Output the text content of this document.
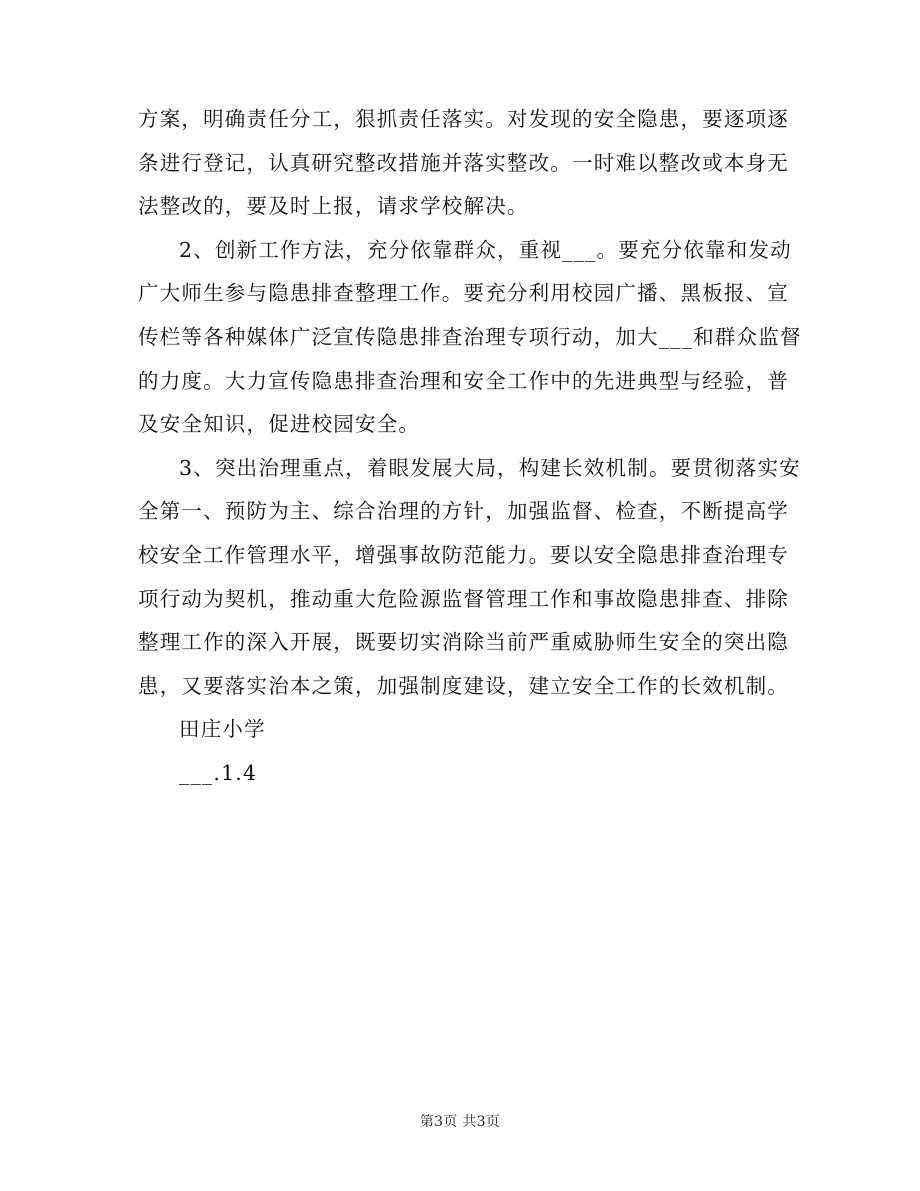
方案，明确责任分工，狠抓责任落实。对发现的安全隐患，要逐项逐
条进行登记，认真研究整改措施并落实整改。一时难以整改或本身无
法整改的，要及时上报，请求学校解决。

2、创新工作方法，充分依靠群众，重视___。要充分依靠和发动
广大师生参与隐患排查整理工作。要充分利用校园广播、黑板报、宣
传栏等各种媒体广泛宣传隐患排查治理专项行动，加大___和群众监督
的力度。大力宣传隐患排查治理和安全工作中的先进典型与经验，普
及安全知识，促进校园安全。

3、突出治理重点，着眼发展大局，构建长效机制。要贯彻落实安
全第一、预防为主、综合治理的方针，加强监督、检查，不断提高学
校安全工作管理水平，增强事故防范能力。要以安全隐患排查治理专
项行动为契机，推动重大危险源监督管理工作和事故隐患排查、排除
整理工作的深入开展，既要切实消除当前严重威胁师生安全的突出隐
患，又要落实治本之策，加强制度建设，建立安全工作的长效机制。

田庄小学

___.1.4

第3页 共3页
